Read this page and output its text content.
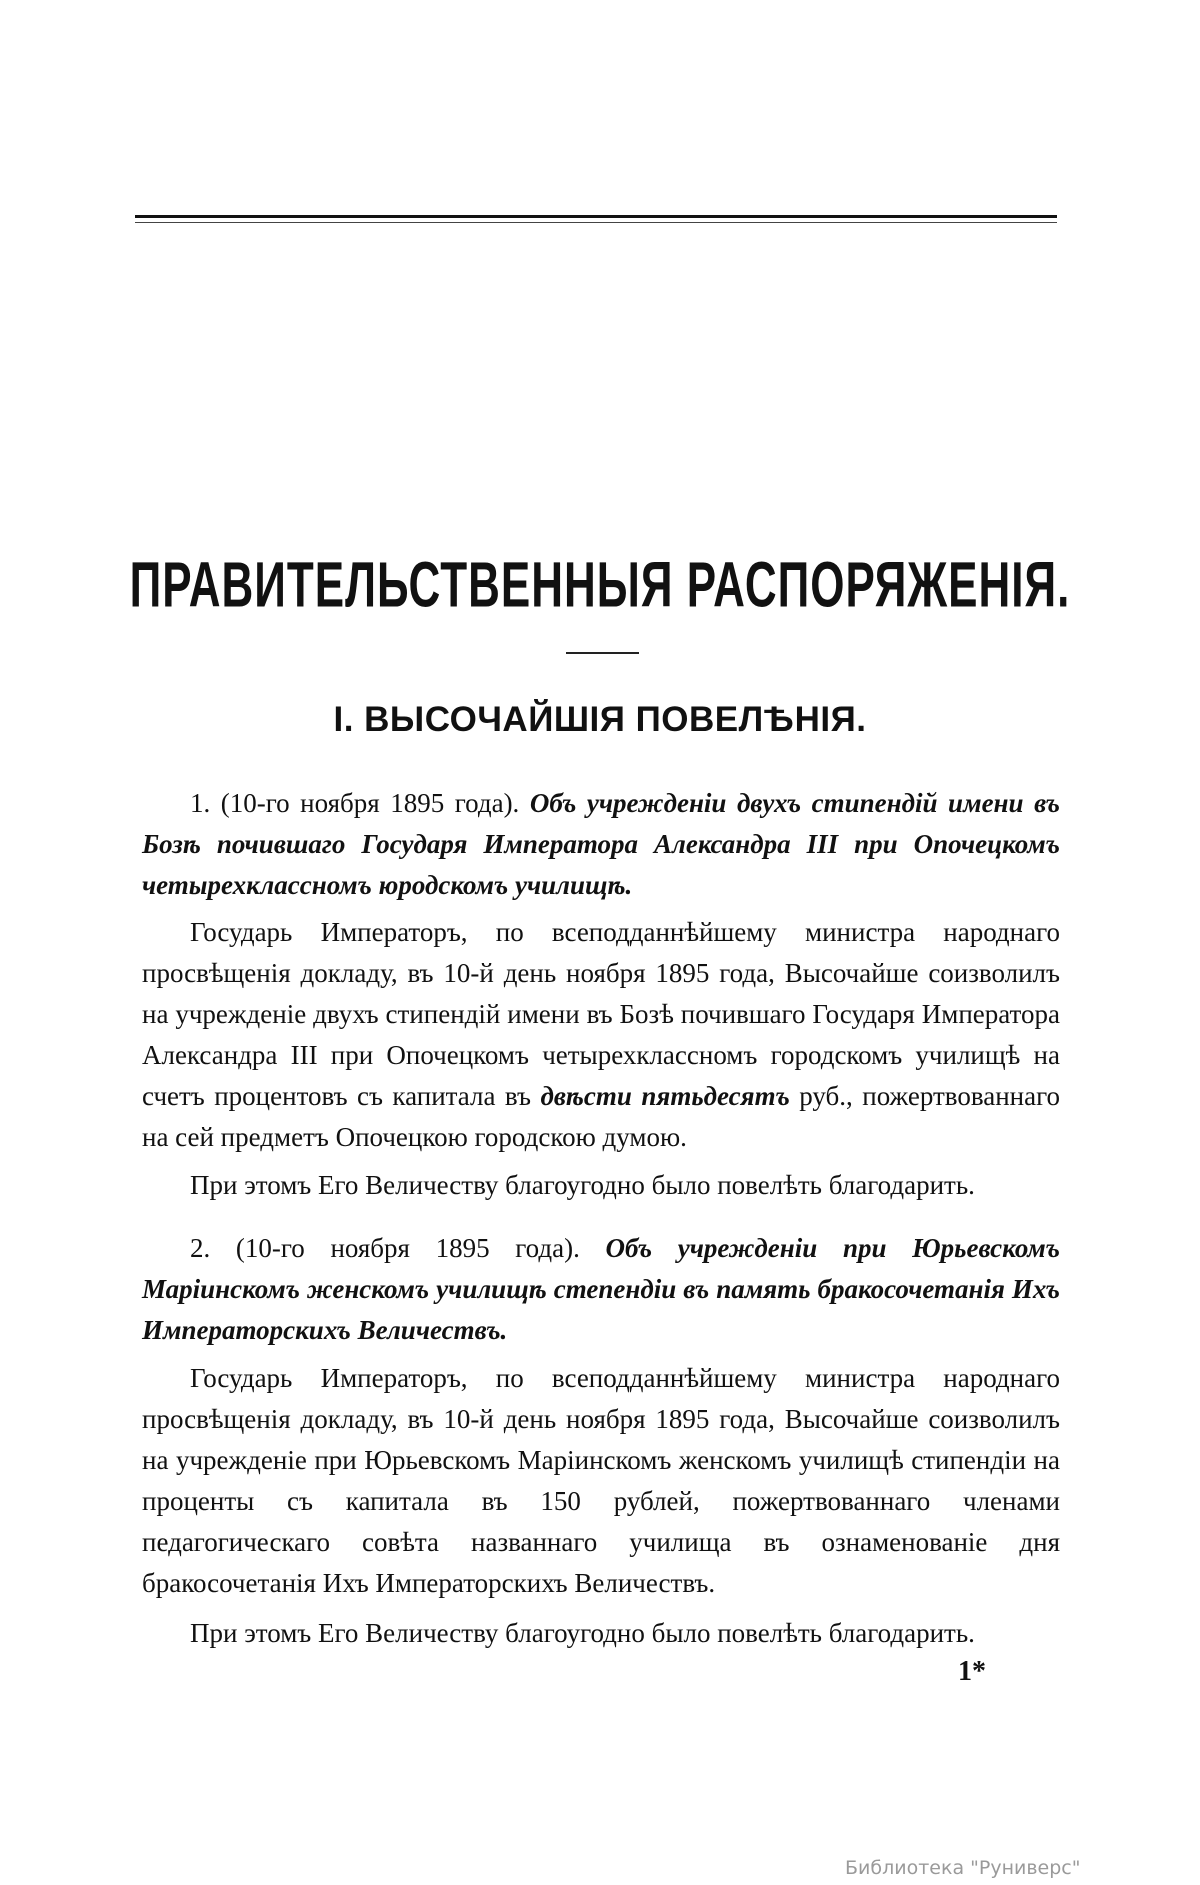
ПРАВИТЕЛЬСТВЕННЫЯ РАСПОРЯЖЕНІЯ.
I. ВЫСОЧАЙШІЯ ПОВЕЛѢНІЯ.

1. (10-го ноября 1895 года). Объ учрежденіи двухъ стипендій имени въ Бозѣ почившаго Государя Императора Александра III при Опочецкомъ четырехклассномъ юродскомъ училищѣ.

Государь Императоръ, по всеподданнѣйшему министра народнаго просвѣщенія докладу, въ 10-й день ноября 1895 года, Высочайше соизволилъ на учрежденіе двухъ стипендій имени въ Бозѣ почившаго Государя Императора Александра III при Опочецкомъ четырехклассномъ городскомъ училищѣ на счетъ процентовъ съ капитала въ двѣсти пятьдесятъ руб., пожертвованнаго на сей предметъ Опочецкою городскою думою.

При этомъ Его Величеству благоугодно было повелѣть благодарить.

2. (10-го ноября 1895 года). Объ учрежденіи при Юрьевскомъ Маріинскомъ женскомъ училищѣ степендіи въ память бракосочетанія Ихъ Императорскихъ Величествъ.

Государь Императоръ, по всеподданнѣйшему министра народнаго просвѣщенія докладу, въ 10-й день ноября 1895 года, Высочайше соизволилъ на учрежденіе при Юрьевскомъ Маріинскомъ женскомъ училищѣ стипендіи на проценты съ капитала въ 150 рублей, пожертвованнаго членами педагогическаго совѣта названнаго училища въ ознаменованіе дня бракосочетанія Ихъ Императорскихъ Величествъ.

При этомъ Его Величеству благоугодно было повелѣть благодарить.

1*

Библиотека "Руниверс"
